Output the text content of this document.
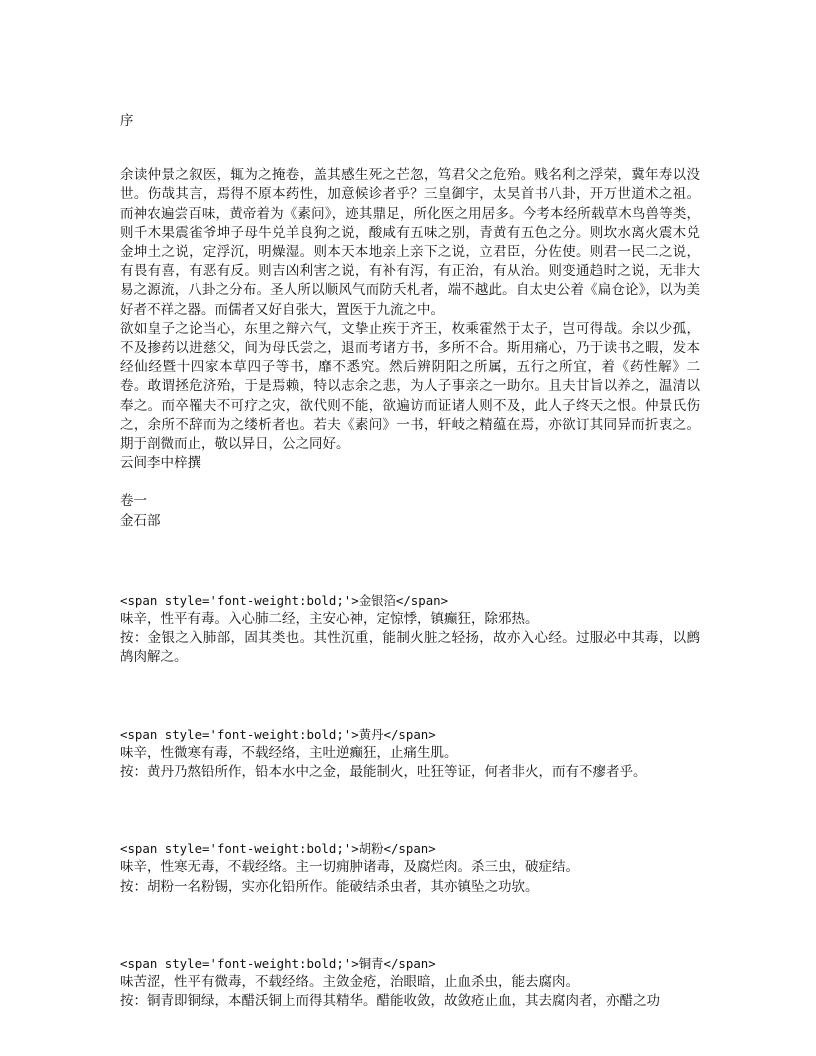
序
余读仲景之叙医，辄为之掩卷，盖其感生死之芒忽，笃君父之危殆。贱名利之浮荣，冀年寿以没世。伤哉其言，焉得不原本药性，加意候诊者乎？三皇御宇，太昊首书八卦，开万世道术之祖。而神农遍尝百味，黄帝着为《素问》，迹其鼎足，所化医之用居多。今考本经所载草木鸟兽等类，则千木果震雀爷坤子母牛兑羊良狗之说，酸咸有五味之别，青黄有五色之分。则坎水离火震木兑金坤土之说，定浮沉，明燥湿。则本天本地亲上亲下之说，立君臣，分佐使。则君一民二之说，有畏有喜，有恶有反。则吉凶利害之说，有补有泻，有正治，有从治。则变通趋时之说，无非大易之源流，八卦之分布。圣人所以顺风气而防夭札者，端不越此。自太史公着《扁仓论》，以为美好者不祥之器。而儒者又好自张大，置医于九流之中。
欲如皇子之论当心，东里之辩六气，文挚止疾于齐王，枚乘霍然于太子，岂可得哉。余以少孤，不及掺药以进慈父，间为母氏尝之，退而考诸方书，多所不合。斯用痛心，乃于读书之暇，发本经仙经暨十四家本草四子等书，靡不悉究。然后辨阴阳之所属，五行之所宜，着《药性解》二卷。敢谓拯危济殆，于是焉赖，特以志余之悲，为人子事亲之一助尔。且夫甘旨以养之，温清以奉之。而卒罹夫不可疗之灾，欲代则不能，欲遍访而证诸人则不及，此人子终天之恨。仲景氏伤之，余所不辞而为之缕析者也。若夫《素问》一书，轩岐之精蕴在焉，亦欲订其同异而折衷之。期于剖微而止，敬以异日，公之同好。
云间李中梓撰
卷一
金石部
<span style='font-weight:bold;'>金银箔</span>
味辛，性平有毒。入心肺二经，主安心神，定惊悸，镇癫狂，除邪热。
按：金银之入肺部，固其类也。其性沉重，能制火脏之轻扬，故亦入心经。过服必中其毒，以鹧鸪肉解之。
<span style='font-weight:bold;'>黄丹</span>
味辛，性微寒有毒，不载经络，主吐逆癫狂，止痛生肌。
按：黄丹乃熬铅所作，铅本水中之金，最能制火，吐狂等证，何者非火，而有不瘳者乎。
<span style='font-weight:bold;'>胡粉</span>
味辛，性寒无毒，不载经络。主一切痈肿诸毒，及腐烂肉。杀三虫，破症结。
按：胡粉一名粉锡，实亦化铅所作。能破结杀虫者，其亦镇坠之功欤。
<span style='font-weight:bold;'>铜青</span>
味苦涩，性平有微毒，不载经络。主敛金疮，治眼暗，止血杀虫，能去腐肉。
按：铜青即铜绿，本醋沃铜上而得其精华。醋能收敛，故敛疮止血，其去腐肉者，亦醋之功
